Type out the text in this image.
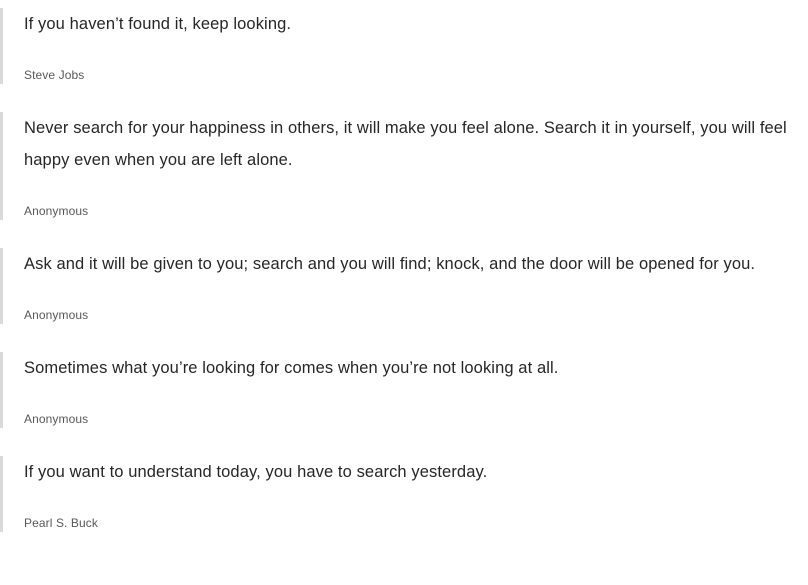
If you haven’t found it, keep looking.

Steve Jobs

Never search for your happiness in others, it will make you feel alone. Search it in yourself, you will feel happy even when you are left alone.

Anonymous

Ask and it will be given to you; search and you will find; knock, and the door will be opened for you.

Anonymous

Sometimes what you’re looking for comes when you’re not looking at all.

Anonymous

If you want to understand today, you have to search yesterday.

Pearl S. Buck
